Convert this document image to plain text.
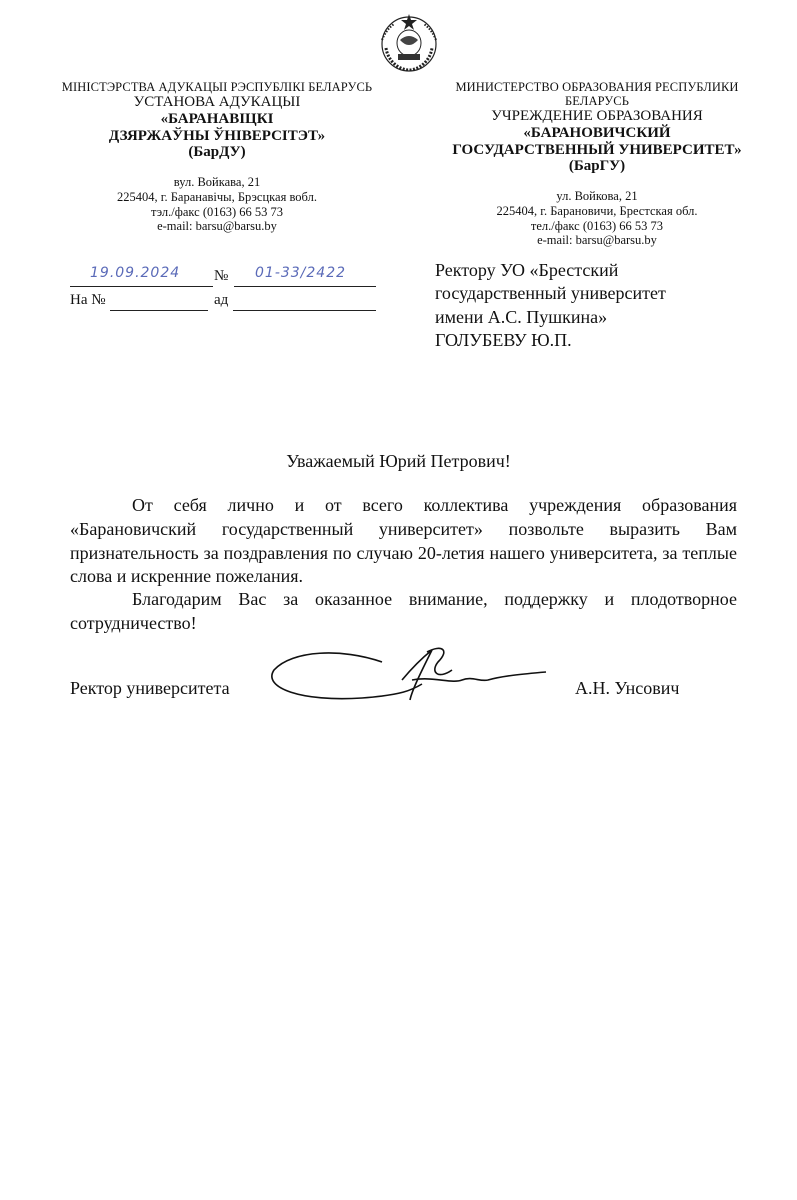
МІНІСТЭРСТВА АДУКАЦЫІ РЭСПУБЛІКІ БЕЛАРУСЬ
УСТАНОВА АДУКАЦЫІ
«БАРАНАВІЦКІ
ДЗЯРЖАЎНЫ ЎНІВЕРСІТЭТ»
(БарДУ)
вул. Войкава, 21
225404, г. Баранавічы, Брэсцкая вобл.
тэл./факс (0163) 66 53 73
e-mail: barsu@barsu.by
МИНИСТЕРСТВО ОБРАЗОВАНИЯ РЕСПУБЛИКИ БЕЛАРУСЬ
УЧРЕЖДЕНИЕ ОБРАЗОВАНИЯ
«БАРАНОВИЧСКИЙ
ГОСУДАРСТВЕННЫЙ УНИВЕРСИТЕТ»
(БарГУ)
ул. Войкова, 21
225404, г. Барановичи, Брестская обл.
тел./факс (0163) 66 53 73
e-mail: barsu@barsu.by
19.09.2024 № 01-33/2422
На №	ад
Ректору УО «Брестский
государственный университет
имени А.С. Пушкина»
ГОЛУБЕВУ Ю.П.
Уважаемый Юрий Петрович!
От себя лично и от всего коллектива учреждения образования «Барановичский государственный университет» позвольте выразить Вам признательность за поздравления по случаю 20-летия нашего университета, за теплые слова и искренние пожелания.
Благодарим Вас за оказанное внимание, поддержку и плодотворное сотрудничество!
Ректор университета	А.Н. Унсович
